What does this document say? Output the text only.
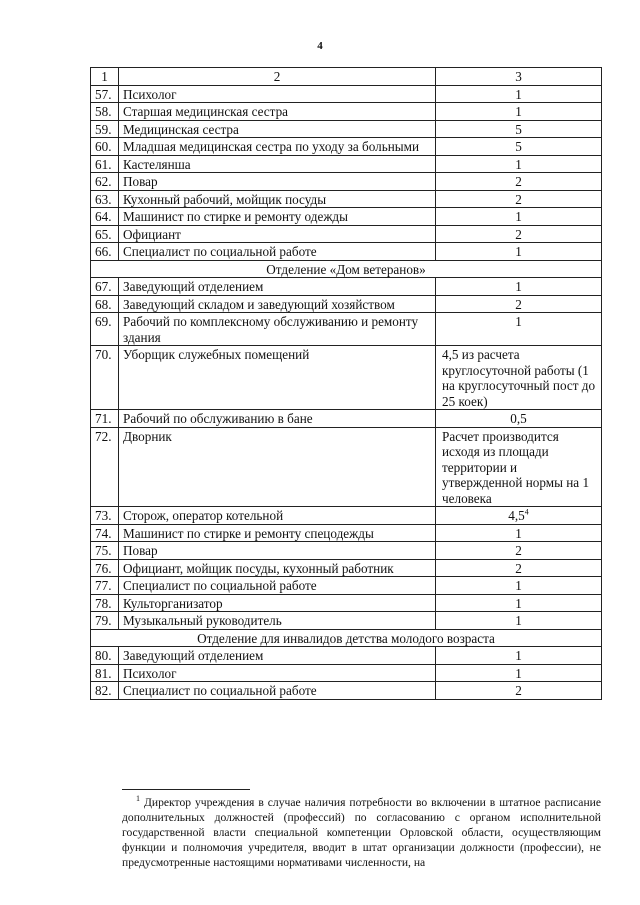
4
1	2	3
57.	Психолог	1
58.	Старшая медицинская сестра	1
59.	Медицинская сестра	5
60.	Младшая медицинская сестра по уходу за больными	5
61.	Кастелянша	1
62.	Повар	2
63.	Кухонный рабочий, мойщик посуды	2
64.	Машинист по стирке и ремонту одежды	1
65.	Официант	2
66.	Специалист по социальной работе	1
Отделение «Дом ветеранов»		
67.	Заведующий отделением	1
68.	Заведующий складом и заведующий хозяйством	2
69.	Рабочий по комплексному обслуживанию и ремонту здания	1
70.	Уборщик служебных помещений	4,5 из расчета круглосуточной работы (1 на круглосуточный пост до 25 коек)
71.	Рабочий по обслуживанию в бане	0,5
72.	Дворник	Расчет производится исходя из площади территории и утвержденной нормы на 1 человека
73.	Сторож, оператор котельной	$4,5^4$
74.	Машинист по стирке и ремонту спецодежды	1
75.	Повар	2
76.	Официант, мойщик посуды, кухонный работник	2
77.	Специалист по социальной работе	1
78.	Культорганизатор	1
79.	Музыкальный руководитель	1
Отделение для инвалидов детства молодого возраста		
80.	Заведующий отделением	1
81.	Психолог	1
82.	Специалист по социальной работе	2
$^1$ Директор учреждения в случае наличия потребности во включении в штатное расписание дополнительных должностей (профессий) по согласованию с органом исполнительной государственной власти специальной компетенции Орловской области, осуществляющим функции и полномочия учредителя, вводит в штат организации должности (профессии), не предусмотренные настоящими нормативами численности, на
